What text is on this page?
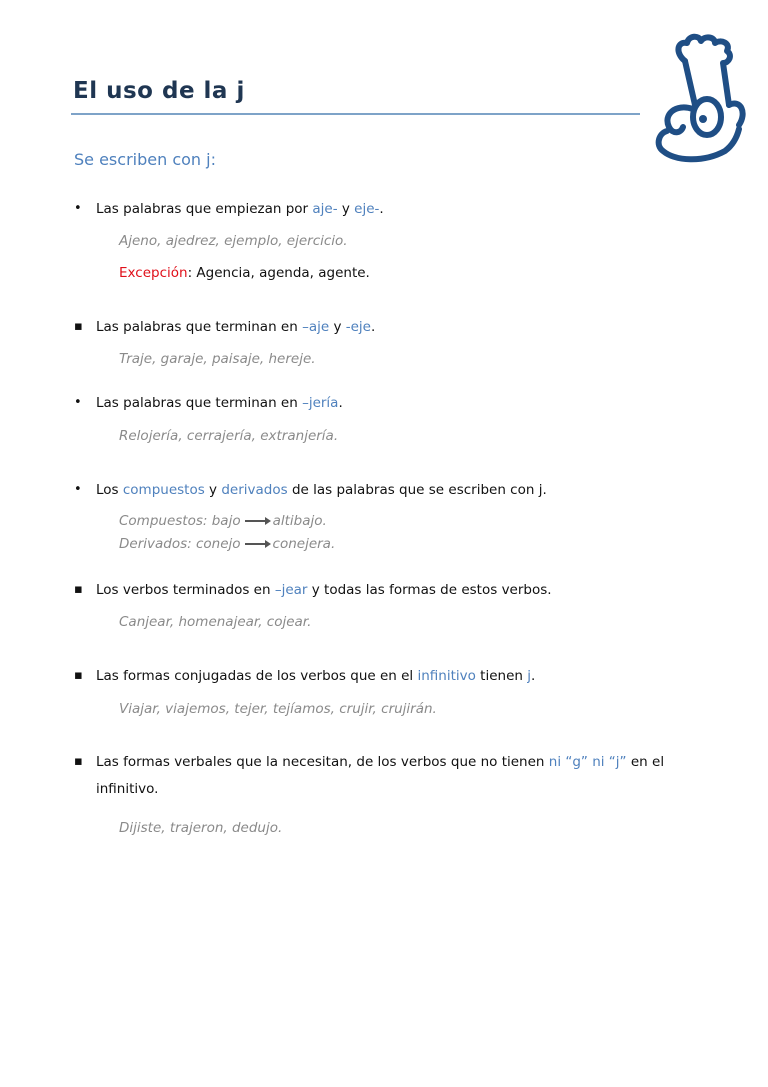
El uso de la j
Se escriben con j:
• Las palabras que empiezan por aje- y eje-.
Ajeno, ajedrez, ejemplo, ejercicio.
Excepción: Agencia, agenda, agente.
▪ Las palabras que terminan en –aje y -eje.
Traje, garaje, paisaje, hereje.
• Las palabras que terminan en –jería.
Relojería, cerrajería, extranjería.
• Los compuestos y derivados de las palabras que se escriben con j.
Compuestos: bajo altibajo.
Derivados: conejo conejera.
▪ Los verbos terminados en –jear y todas las formas de estos verbos.
Canjear, homenajear, cojear.
▪ Las formas conjugadas de los verbos que en el infinitivo tienen j.
Viajar, viajemos, tejer, tejíamos, crujir, crujirán.
▪ Las formas verbales que la necesitan, de los verbos que no tienen ni “g” ni “j” en el
infinitivo.
Dijiste, trajeron, dedujo.
